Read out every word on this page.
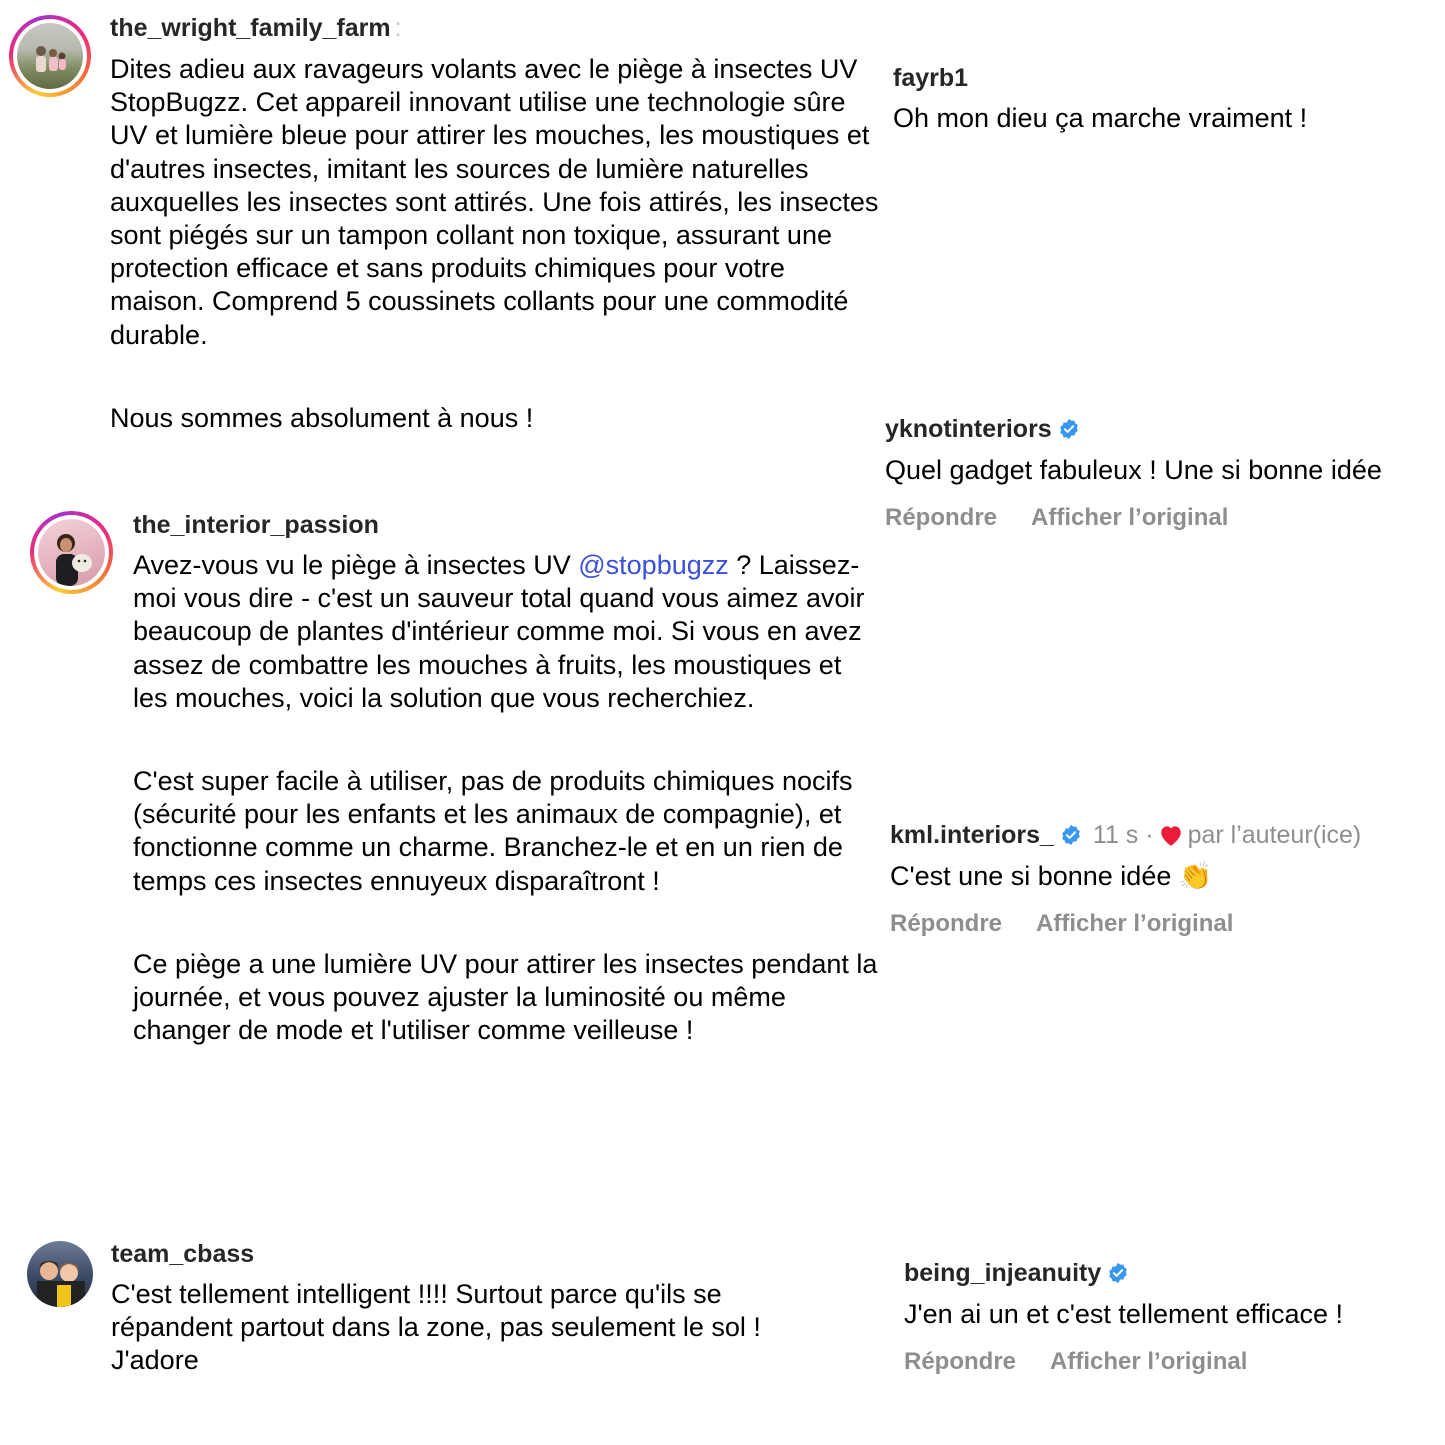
the_wright_family_farm :

Dites adieu aux ravageurs volants avec le piège à insectes UV StopBugzz. Cet appareil innovant utilise une technologie sûre UV et lumière bleue pour attirer les mouches, les moustiques et d'autres insectes, imitant les sources de lumière naturelles auxquelles les insectes sont attirés. Une fois attirés, les insectes sont piégés sur un tampon collant non toxique, assurant une protection efficace et sans produits chimiques pour votre maison. Comprend 5 coussinets collants pour une commodité durable.

Nous sommes absolument à nous !

the_interior_passion

Avez-vous vu le piège à insectes UV @stopbugzz ? Laissez-moi vous dire - c'est un sauveur total quand vous aimez avoir beaucoup de plantes d'intérieur comme moi. Si vous en avez assez de combattre les mouches à fruits, les moustiques et les mouches, voici la solution que vous recherchiez.

C'est super facile à utiliser, pas de produits chimiques nocifs (sécurité pour les enfants et les animaux de compagnie), et fonctionne comme un charme. Branchez-le et en un rien de temps ces insectes ennuyeux disparaîtront !

Ce piège a une lumière UV pour attirer les insectes pendant la journée, et vous pouvez ajuster la luminosité ou même changer de mode et l'utiliser comme veilleuse !

team_cbass
C'est tellement intelligent !!!! Surtout parce qu'ils se répandent partout dans la zone, pas seulement le sol ! J'adore
fayrb1
Oh mon dieu ça marche vraiment !
yknotinteriors
Quel gadget fabuleux ! Une si bonne idée
Répondre Afficher l’original
kml.interiors_ 11 s · par l’auteur(ice)
C'est une si bonne idée 👏
Répondre Afficher l’original
being_injeanuity
J'en ai un et c'est tellement efficace !
Répondre Afficher l’original
